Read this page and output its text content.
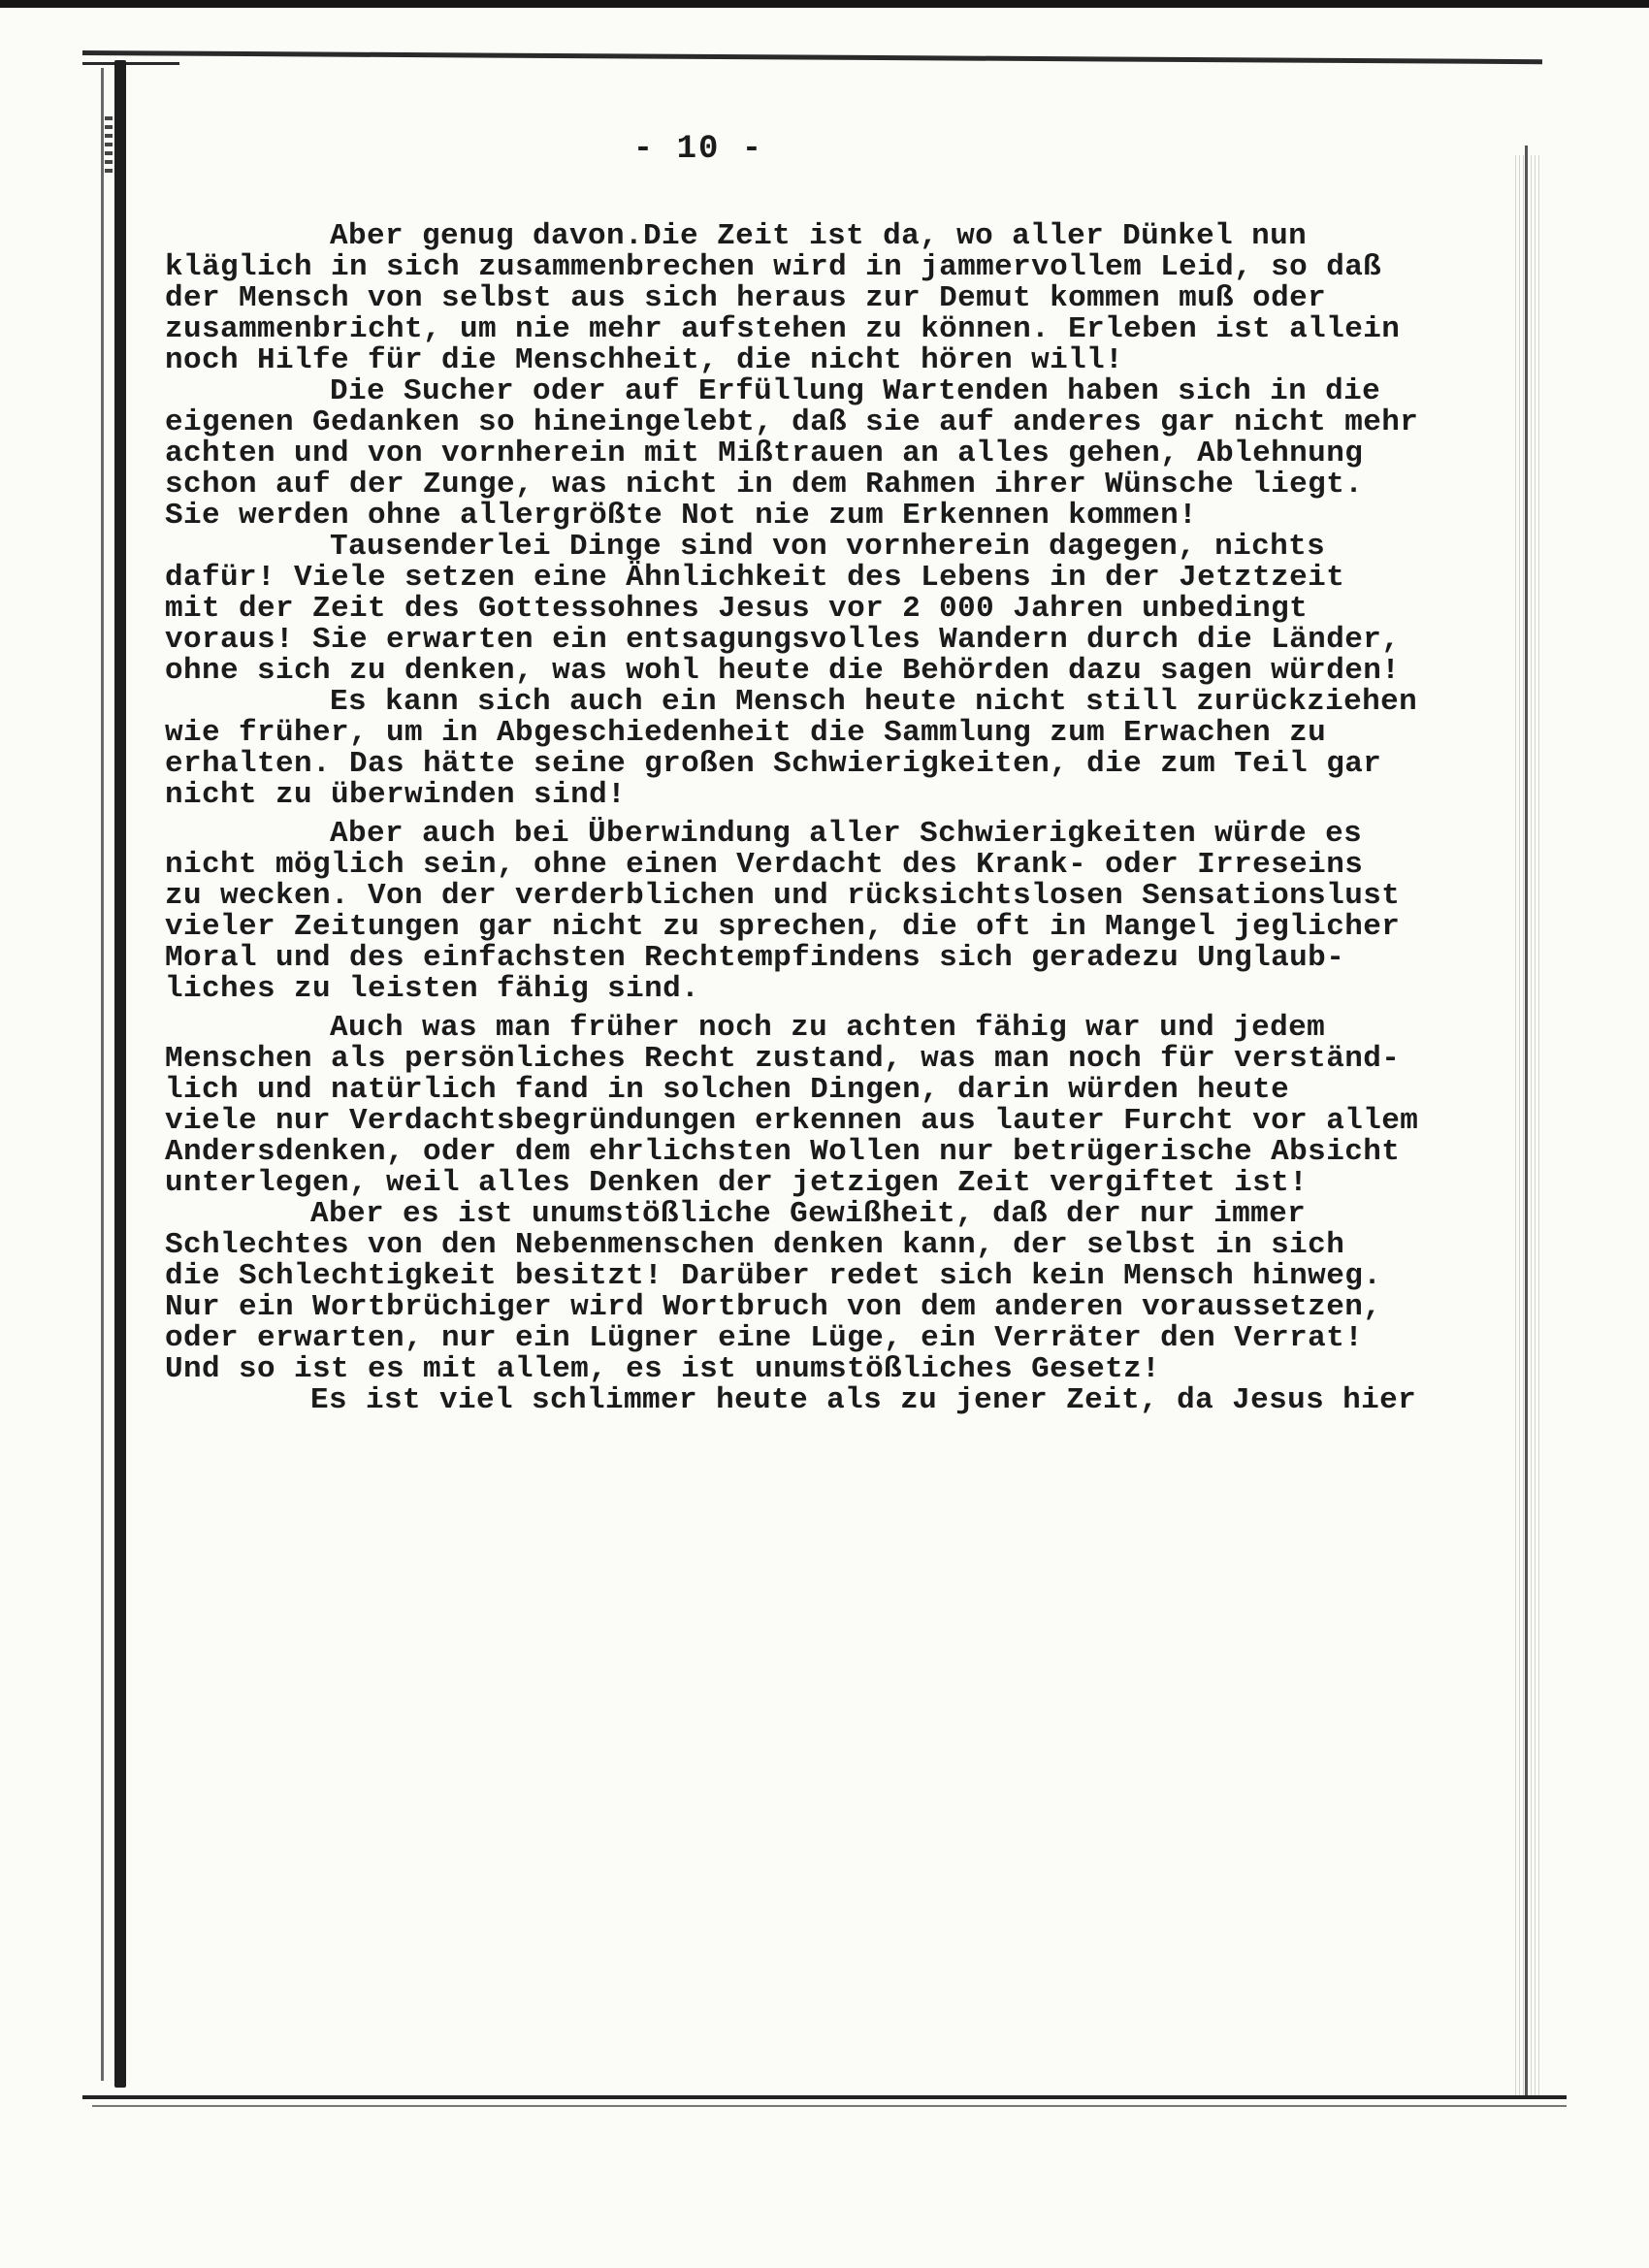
- 10 -
Aber genug davon.Die Zeit ist da, wo aller Dünkel nun
kläglich in sich zusammenbrechen wird in jammervollem Leid, so daß
der Mensch von selbst aus sich heraus zur Demut kommen muß oder
zusammenbricht, um nie mehr aufstehen zu können. Erleben ist allein
noch Hilfe für die Menschheit, die nicht hören will!
Die Sucher oder auf Erfüllung Wartenden haben sich in die
eigenen Gedanken so hineingelebt, daß sie auf anderes gar nicht mehr
achten und von vornherein mit Mißtrauen an alles gehen, Ablehnung
schon auf der Zunge, was nicht in dem Rahmen ihrer Wünsche liegt.
Sie werden ohne allergrößte Not nie zum Erkennen kommen!
Tausenderlei Dinge sind von vornherein dagegen, nichts
dafür! Viele setzen eine Ähnlichkeit des Lebens in der Jetztzeit
mit der Zeit des Gottessohnes Jesus vor 2 000 Jahren unbedingt
voraus! Sie erwarten ein entsagungsvolles Wandern durch die Länder,
ohne sich zu denken, was wohl heute die Behörden dazu sagen würden!
Es kann sich auch ein Mensch heute nicht still zurückziehen
wie früher, um in Abgeschiedenheit die Sammlung zum Erwachen zu
erhalten. Das hätte seine großen Schwierigkeiten, die zum Teil gar
nicht zu überwinden sind!
Aber auch bei Überwindung aller Schwierigkeiten würde es
nicht möglich sein, ohne einen Verdacht des Krank- oder Irreseins
zu wecken. Von der verderblichen und rücksichtslosen Sensationslust
vieler Zeitungen gar nicht zu sprechen, die oft in Mangel jeglicher
Moral und des einfachsten Rechtempfindens sich geradezu Unglaub-
liches zu leisten fähig sind.
Auch was man früher noch zu achten fähig war und jedem
Menschen als persönliches Recht zustand, was man noch für verständ-
lich und natürlich fand in solchen Dingen, darin würden heute
viele nur Verdachtsbegründungen erkennen aus lauter Furcht vor allem
Andersdenken, oder dem ehrlichsten Wollen nur betrügerische Absicht
unterlegen, weil alles Denken der jetzigen Zeit vergiftet ist!
Aber es ist unumstößliche Gewißheit, daß der nur immer
Schlechtes von den Nebenmenschen denken kann, der selbst in sich
die Schlechtigkeit besitzt! Darüber redet sich kein Mensch hinweg.
Nur ein Wortbrüchiger wird Wortbruch von dem anderen voraussetzen,
oder erwarten, nur ein Lügner eine Lüge, ein Verräter den Verrat!
Und so ist es mit allem, es ist unumstößliches Gesetz!
Es ist viel schlimmer heute als zu jener Zeit, da Jesus hier
